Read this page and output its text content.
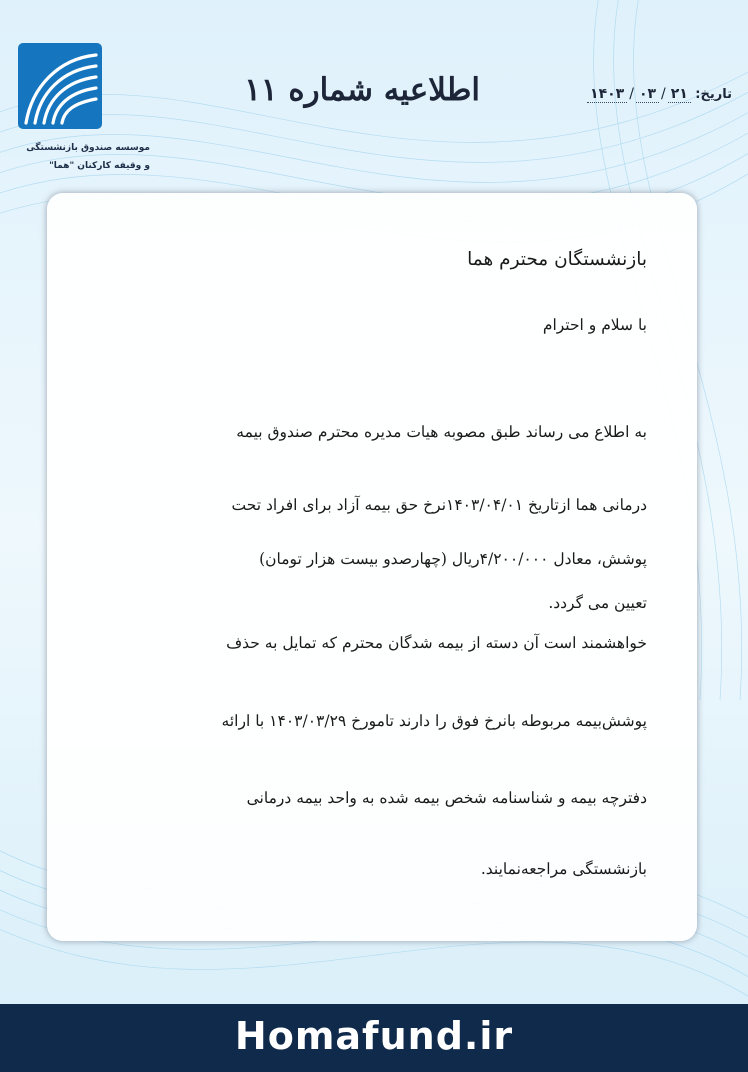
موسسه صندوق بازنشستگی
و وقیفه کارکنان "هما"
اطلاعیه شماره ۱۱	تاریخ: ۲۱/۰۳/۱۴۰۳

بازنشستگان محترم هما

با سلام و احترام

به اطلاع می رساند طبق مصوبه هیات مدیره محترم صندوق بیمه

درمانی هما ازتاریخ ۱۴۰۳/۰۴/۰۱نرخ حق بیمه آزاد برای افراد تحت

پوشش، معادل ۴/۲۰۰/۰۰۰ریال (چهارصدو بیست هزار تومان)

تعیین می گردد.

خواهشمند است آن دسته از بیمه شدگان محترم که تمایل به حذف

پوشش‌بیمه مربوطه بانرخ فوق را دارند تامورخ ۱۴۰۳/۰۳/۲۹ با ارائه

دفترچه بیمه و شناسنامه شخص بیمه شده به واحد بیمه درمانی

بازنشستگی مراجعه‌نمایند.

Homafund.ir
